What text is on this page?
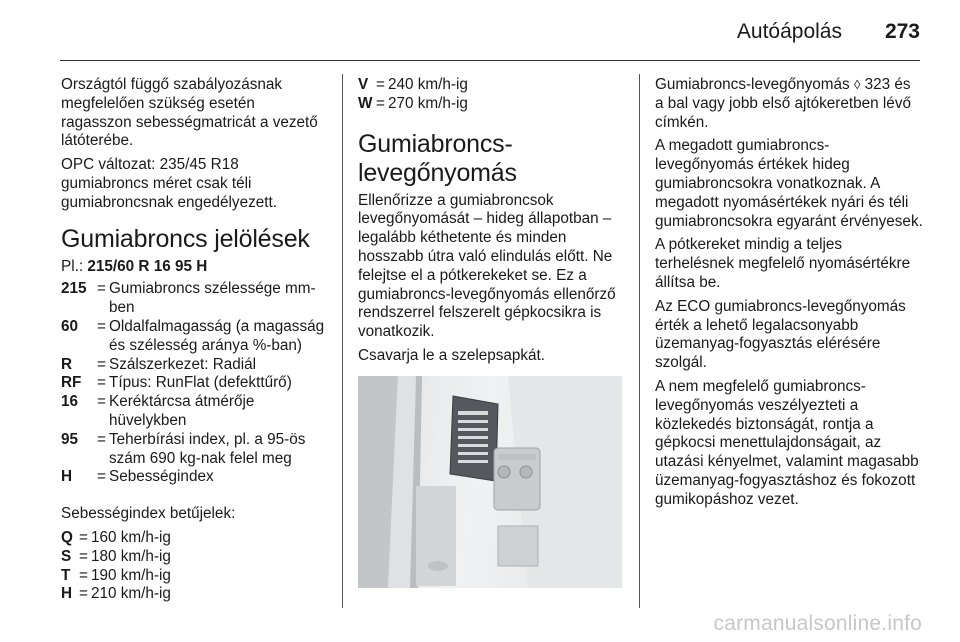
Autóápolás 273

Országtól függő szabályozásnak megfelelően szükség esetén ragasszon sebességmatricát a vezető látóterébe.

OPC változat: 235/45 R18 gumiabroncs méret csak téli gumiabroncsnak engedélyezett.

Gumiabroncs jelölések
Pl.: 215/60 R 16 95 H
215 = Gumiabroncs szélessége mm-ben
60	= Oldalfalmagasság (a magasság és szélesség aránya %-ban)
R	= Szálszerkezet: Radiál
RF	= Típus: RunFlat (defekttűrő)
16	= Keréktárcsa átmérője hüvelykben
95	= Teherbírási index, pl. a 95-ös szám 690 kg-nak felel meg
H	= Sebességindex

Sebességindex betűjelek:

Q = 160 km/h-ig
S = 180 km/h-ig
T = 190 km/h-ig
H = 210 km/h-ig
V = 240 km/h-ig
W = 270 km/h-ig
Gumiabroncs-levegőnyomás

Ellenőrizze a gumiabroncsok levegőnyomását – hideg állapotban – legalább kéthetente és minden hosszabb útra való elindulás előtt. Ne felejtse el a pótkerekeket se. Ez a gumiabroncs-levegőnyomás ellenőrző rendszerrel felszerelt gépkocsikra is vonatkozik.

Csavarja le a szelepsapkát.

Gumiabroncs-levegőnyomás ◊ 323 és a bal vagy jobb első ajtókeretben lévő címkén.

A megadott gumiabroncs-levegőnyomás értékek hideg gumiabroncsokra vonatkoznak. A megadott nyomásértékek nyári és téli gumiabroncsokra egyaránt érvényesek.

A pótkereket mindig a teljes terhelésnek megfelelő nyomásértékre állítsa be.

Az ECO gumiabroncs-levegőnyomás érték a lehető legalacsonyabb üzemanyag-fogyasztás elérésére szolgál.

A nem megfelelő gumiabroncs-levegőnyomás veszélyezteti a közlekedés biztonságát, rontja a gépkocsi menettulajdonságait, az utazási kényelmet, valamint magasabb üzemanyag-fogyasztáshoz és fokozott gumikopáshoz vezet.

carmanualsonline.info
